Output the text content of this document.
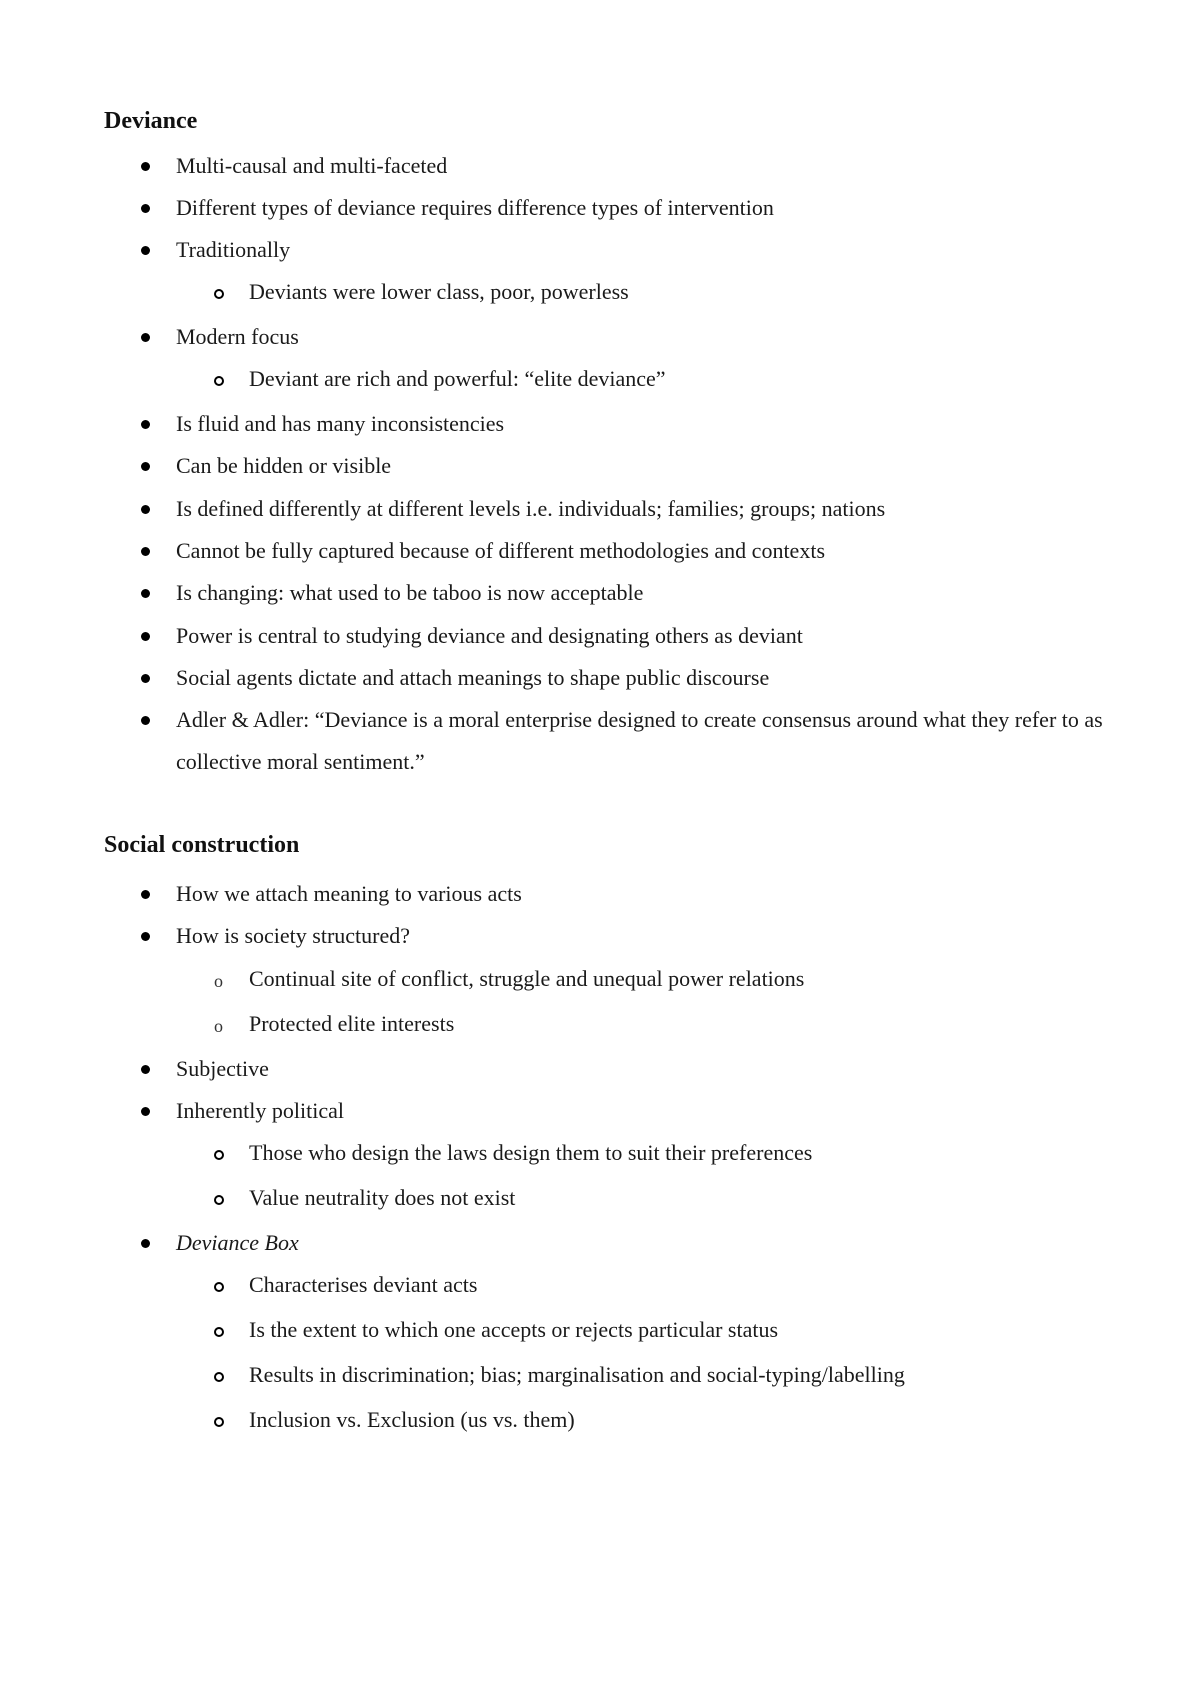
Deviance
Multi-causal and multi-faceted
Different types of deviance requires difference types of intervention
Traditionally
Deviants were lower class, poor, powerless
Modern focus
Deviant are rich and powerful: “elite deviance”
Is fluid and has many inconsistencies
Can be hidden or visible
Is defined differently at different levels i.e. individuals; families; groups; nations
Cannot be fully captured because of different methodologies and contexts
Is changing: what used to be taboo is now acceptable
Power is central to studying deviance and designating others as deviant
Social agents dictate and attach meanings to shape public discourse
Adler & Adler: “Deviance is a moral enterprise designed to create consensus around what they refer to as collective moral sentiment.”
Social construction
How we attach meaning to various acts
How is society structured?
o Continual site of conflict, struggle and unequal power relations
o Protected elite interests
Subjective
Inherently political
Those who design the laws design them to suit their preferences
Value neutrality does not exist
Deviance Box
Characterises deviant acts
Is the extent to which one accepts or rejects particular status
Results in discrimination; bias; marginalisation and social-typing/labelling
Inclusion vs. Exclusion (us vs. them)
